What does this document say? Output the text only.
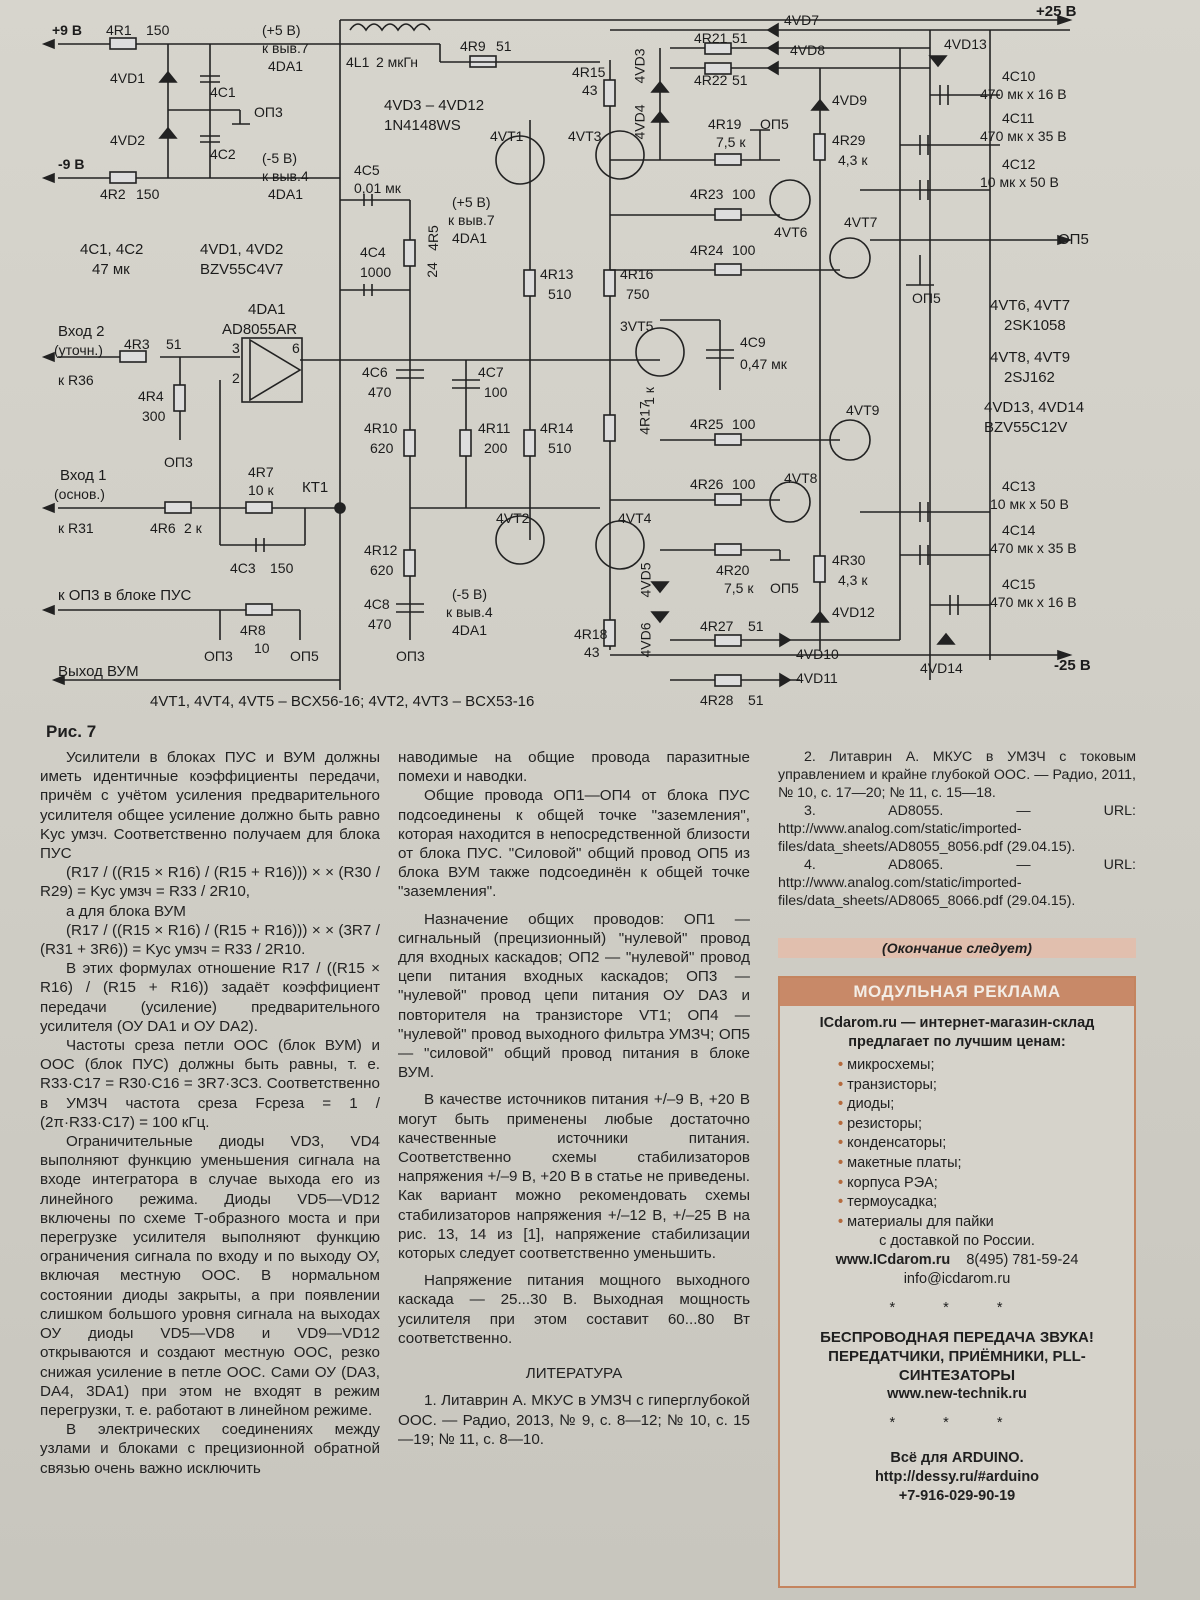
+9 В 4R1 150	(+5 В)
к выв.7
4DA1
4VD1
4C1
ОП3
4VD2
4C2
-9 В	(-5 В)
к выв.4
4DA1
4R2 150
4C1, 4C2
47 мк
4VD1, 4VD2
BZV55C4V7
4L1 2 мкГн
4R9 51
4VD3 – 4VD12
1N4148WS
4C5
0,01 мк
4C4
1000
4R5
24
4DA1
AD8055AR
Вход 2
(уточн.) 4R3 51	3	6
2
к R36
4R4
300
ОП3
Вход 1
(основ.)
4R7
10 к КТ1
к R31	4R6 2 к
4C3 150
к ОП3 в блоке ПУС
4R8
10
ОП3	ОП5
Выход ВУМ
4VT1	4VT3
4R15
43
4VD3
4VD4
(+5 В)
к выв.7
4DA1
4R13
510
4R16
750
3VT5
4C9
0,47 мк
4C6
470
4C7
100
4R10
620
4R11
200
4R14
510
4R17
1 к
4R12
620
4C8
470
ОП3
4VT2
(-5 В)
к выв.4
4DA1
4VT4
4VD5
4VD6
4R18
43
4VD7	+25 В
4R21 51
4VD8
4R22 51
4VD9
4VD13
4R19
7,5 к
ОП5
4R29
4,3 к
4R23 100
4VT6
4R24 100
4VT7
4C10
470 мк х 16 В
4C11
470 мк х 35 В
4C12
10 мк х 50 В
ОП5
ОП5	4VT6, 4VT7
2SK1058
4VT8, 4VT9
2SJ162
4VD13, 4VD14
BZV55C12V
4R25 100
4VT9
4R26 100 4VT8
4R20
7,5 к ОП5
4R30
4,3 к
4VD12
4C13
10 мк х 50 В
4C14
470 мк х 35 В
4C15
470 мк х 16 В
4R27 51
4VD10
4VD14	-25 В
4R28 51
4VD11
4VT1, 4VT4, 4VT5 – BCX56-16; 4VT2, 4VT3 – BCX53-16
Рис. 7

Усилители в блоках ПУС и ВУМ должны иметь идентичные коэффициенты передачи, причём с учётом усиления предварительного усилителя общее усиление должно быть равно Kус умзч. Соответственно получаем для блока ПУС

(R17 / ((R15 × R16) / (R15 + R16))) × × (R30 / R29) = Kус умзч = R33 / 2R10,

а для блока ВУМ

(R17 / ((R15 × R16) / (R15 + R16))) × × (3R7 / (R31 + 3R6)) = Kус умзч = R33 / 2R10.

В этих формулах отношение R17 / ((R15 × R16) / (R15 + R16)) задаёт коэффициент передачи (усиление) предварительного усилителя (ОУ DA1 и ОУ DA2).

Частоты среза петли ООС (блок ВУМ) и ООС (блок ПУС) должны быть равны, т. е. R33·C17 = R30·C16 = 3R7·3C3. Соответственно в УМЗЧ частота среза Fсреза = 1 / (2π·R33·C17) = 100 кГц.

Ограничительные диоды VD3, VD4 выполняют функцию уменьшения сигнала на входе интегратора в случае выхода его из линейного режима. Диоды VD5—VD12 включены по схеме Т-образного моста и при перегрузке усилителя выполняют функцию ограничения сигнала по входу и по выходу ОУ, включая местную ООС. В нормальном состоянии диоды закрыты, а при появлении слишком большого уровня сигнала на выходах ОУ диоды VD5—VD8 и VD9—VD12 открываются и создают местную ООС, резко снижая усиление в петле ООС. Сами ОУ (DA3, DA4, 3DA1) при этом не входят в режим перегрузки, т. е. работают в линейном режиме.

В электрических соединениях между узлами и блоками с прецизионной обратной связью очень важно исключить

наводимые на общие провода паразитные помехи и наводки.

Общие провода ОП1—ОП4 от блока ПУС подсоединены к общей точке "заземления", которая находится в непосредственной близости от блока ПУС. "Силовой" общий провод ОП5 из блока ВУМ также подсоединён к общей точке "заземления".

Назначение общих проводов: ОП1 — сигнальный (прецизионный) "нулевой" провод для входных каскадов; ОП2 — "нулевой" провод цепи питания входных каскадов; ОП3 — "нулевой" провод цепи питания ОУ DA3 и повторителя на транзисторе VT1; ОП4 — "нулевой" провод выходного фильтра УМЗЧ; ОП5 — "силовой" общий провод питания в блоке ВУМ.

В качестве источников питания +/–9 В, +20 В могут быть применены любые достаточно качественные источники питания. Соответственно схемы стабилизаторов напряжения +/–9 В, +20 В в статье не приведены. Как вариант можно рекомендовать схемы стабилизаторов напряжения +/–12 В, +/–25 В на рис. 13, 14 из [1], напряжение стабилизации которых следует соответственно уменьшить.

Напряжение питания мощного выходного каскада — 25...30 В. Выходная мощность усилителя при этом составит 60...80 Вт соответственно.

ЛИТЕРАТУРА

1. Литаврин А. МКУС в УМЗЧ с гиперглубокой ООС. — Радио, 2013, № 9, с. 8—12; № 10, с. 15—19; № 11, с. 8—10.

2. Литаврин А. МКУС в УМЗЧ с токовым управлением и крайне глубокой ООС. — Радио, 2011, № 10, с. 17—20; № 11, с. 15—18.

3. AD8055. — URL: http://www.analog.com/static/imported-files/data_sheets/AD8055_8056.pdf (29.04.15).

4. AD8065. — URL: http://www.analog.com/static/imported-files/data_sheets/AD8065_8066.pdf (29.04.15).

(Окончание следует)
МОДУЛЬНАЯ РЕКЛАМА
ICdarom.ru — интернет-магазин-склад предлагает по лучшим ценам:
• микросхемы;
• транзисторы;
• диоды;
• резисторы;
• конденсаторы;
• макетные платы;
• корпуса РЭА;
• термоусадка;
• материалы для пайки
с доставкой по России.
www.ICdarom.ru 8(495) 781-59-24
info@icdarom.ru
* * *
БЕСПРОВОДНАЯ ПЕРЕДАЧА ЗВУКА! ПЕРЕДАТЧИКИ, ПРИЁМНИКИ, PLL-СИНТЕЗАТОРЫ
www.new-technik.ru
* * *
Всё для ARDUINO.
http://dessy.ru/#arduino
+7-916-029-90-19
